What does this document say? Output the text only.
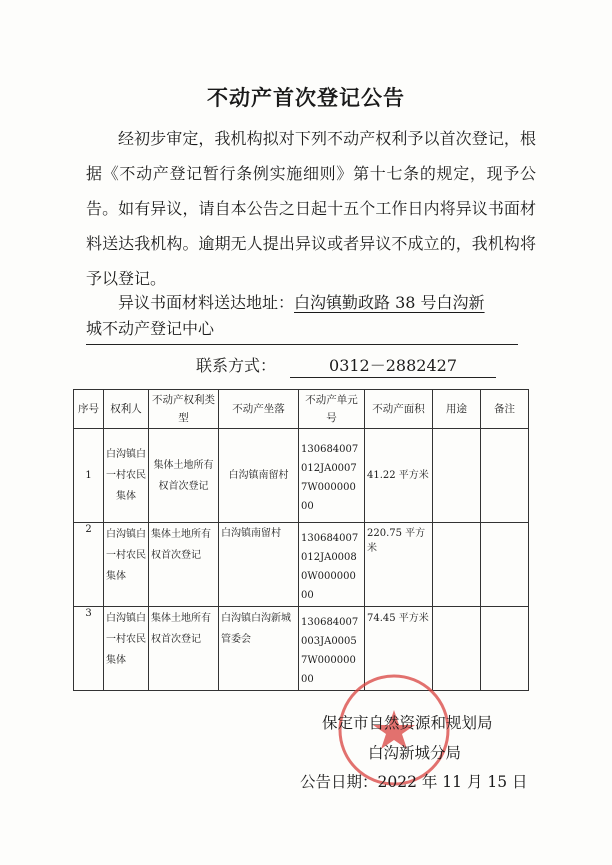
不动产首次登记公告

经初步审定，我机构拟对下列不动产权利予以首次登记，根据《不动产登记暂行条例实施细则》第十七条的规定，现予公告。如有异议，请自本公告之日起十五个工作日内将异议书面材料送达我机构。逾期无人提出异议或者异议不成立的，我机构将予以登记。

异议书面材料送达地址：白沟镇勤政路 38 号白沟新
城不动产登记中心
联系方式：	0312－2882427
序号	权利人	不动产权利类型	不动产坐落	不动产单元号	不动产面积	用途	备注
1	白沟镇白一村农民集体	集体土地所有权首次登记	白沟镇南留村	130684007012JA00077W00000000	41.22 平方米		
2	白沟镇白一村农民集体	集体土地所有权首次登记	白沟镇南留村	130684007012JA00080W00000000	220.75 平方米		
3	白沟镇白一村农民集体	集体土地所有权首次登记	白沟镇白沟新城管委会	130684007003JA00057W00000000	74.45 平方米		
保定市自然资源和规划局
白沟新城分局
公告日期：2022 年 11 月 15 日
